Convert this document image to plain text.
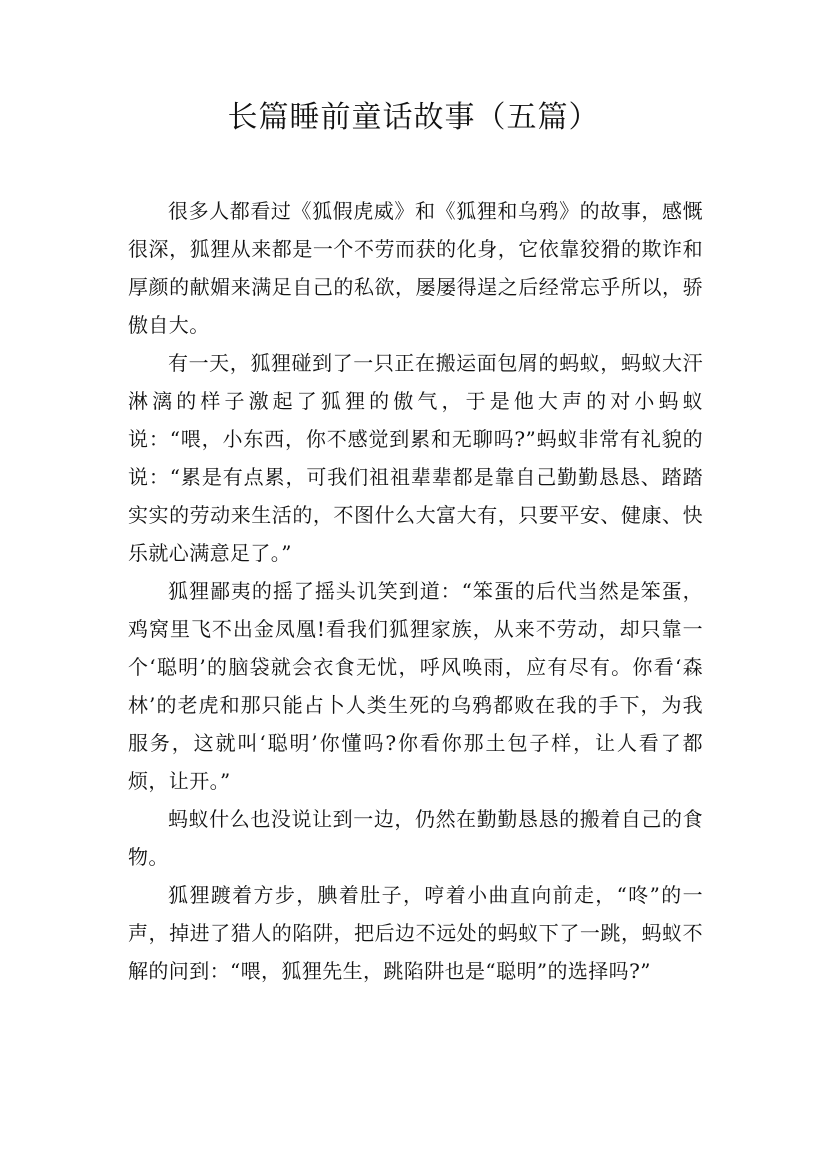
长篇睡前童话故事（五篇）

很多人都看过《狐假虎威》和《狐狸和乌鸦》的故事，感慨很深，狐狸从来都是一个不劳而获的化身，它依靠狡猾的欺诈和厚颜的献媚来满足自己的私欲，屡屡得逞之后经常忘乎所以，骄傲自大。

有一天，狐狸碰到了一只正在搬运面包屑的蚂蚁，蚂蚁大汗淋漓的样子激起了狐狸的傲气，于是他大声的对小蚂蚁说：“喂，小东西，你不感觉到累和无聊吗?”蚂蚁非常有礼貌的说：“累是有点累，可我们祖祖辈辈都是靠自己勤勤恳恳、踏踏实实的劳动来生活的，不图什么大富大有，只要平安、健康、快乐就心满意足了。”

狐狸鄙夷的摇了摇头讥笑到道：“笨蛋的后代当然是笨蛋，鸡窝里飞不出金凤凰!看我们狐狸家族，从来不劳动，却只靠一个‘聪明’的脑袋就会衣食无忧，呼风唤雨，应有尽有。你看‘森林’的老虎和那只能占卜人类生死的乌鸦都败在我的手下，为我服务，这就叫‘聪明’你懂吗?你看你那土包子样，让人看了都烦，让开。”

蚂蚁什么也没说让到一边，仍然在勤勤恳恳的搬着自己的食物。

狐狸踱着方步，腆着肚子，哼着小曲直向前走，“咚”的一声，掉进了猎人的陷阱，把后边不远处的蚂蚁下了一跳，蚂蚁不解的问到：“喂，狐狸先生，跳陷阱也是“聪明”的选择吗?”
